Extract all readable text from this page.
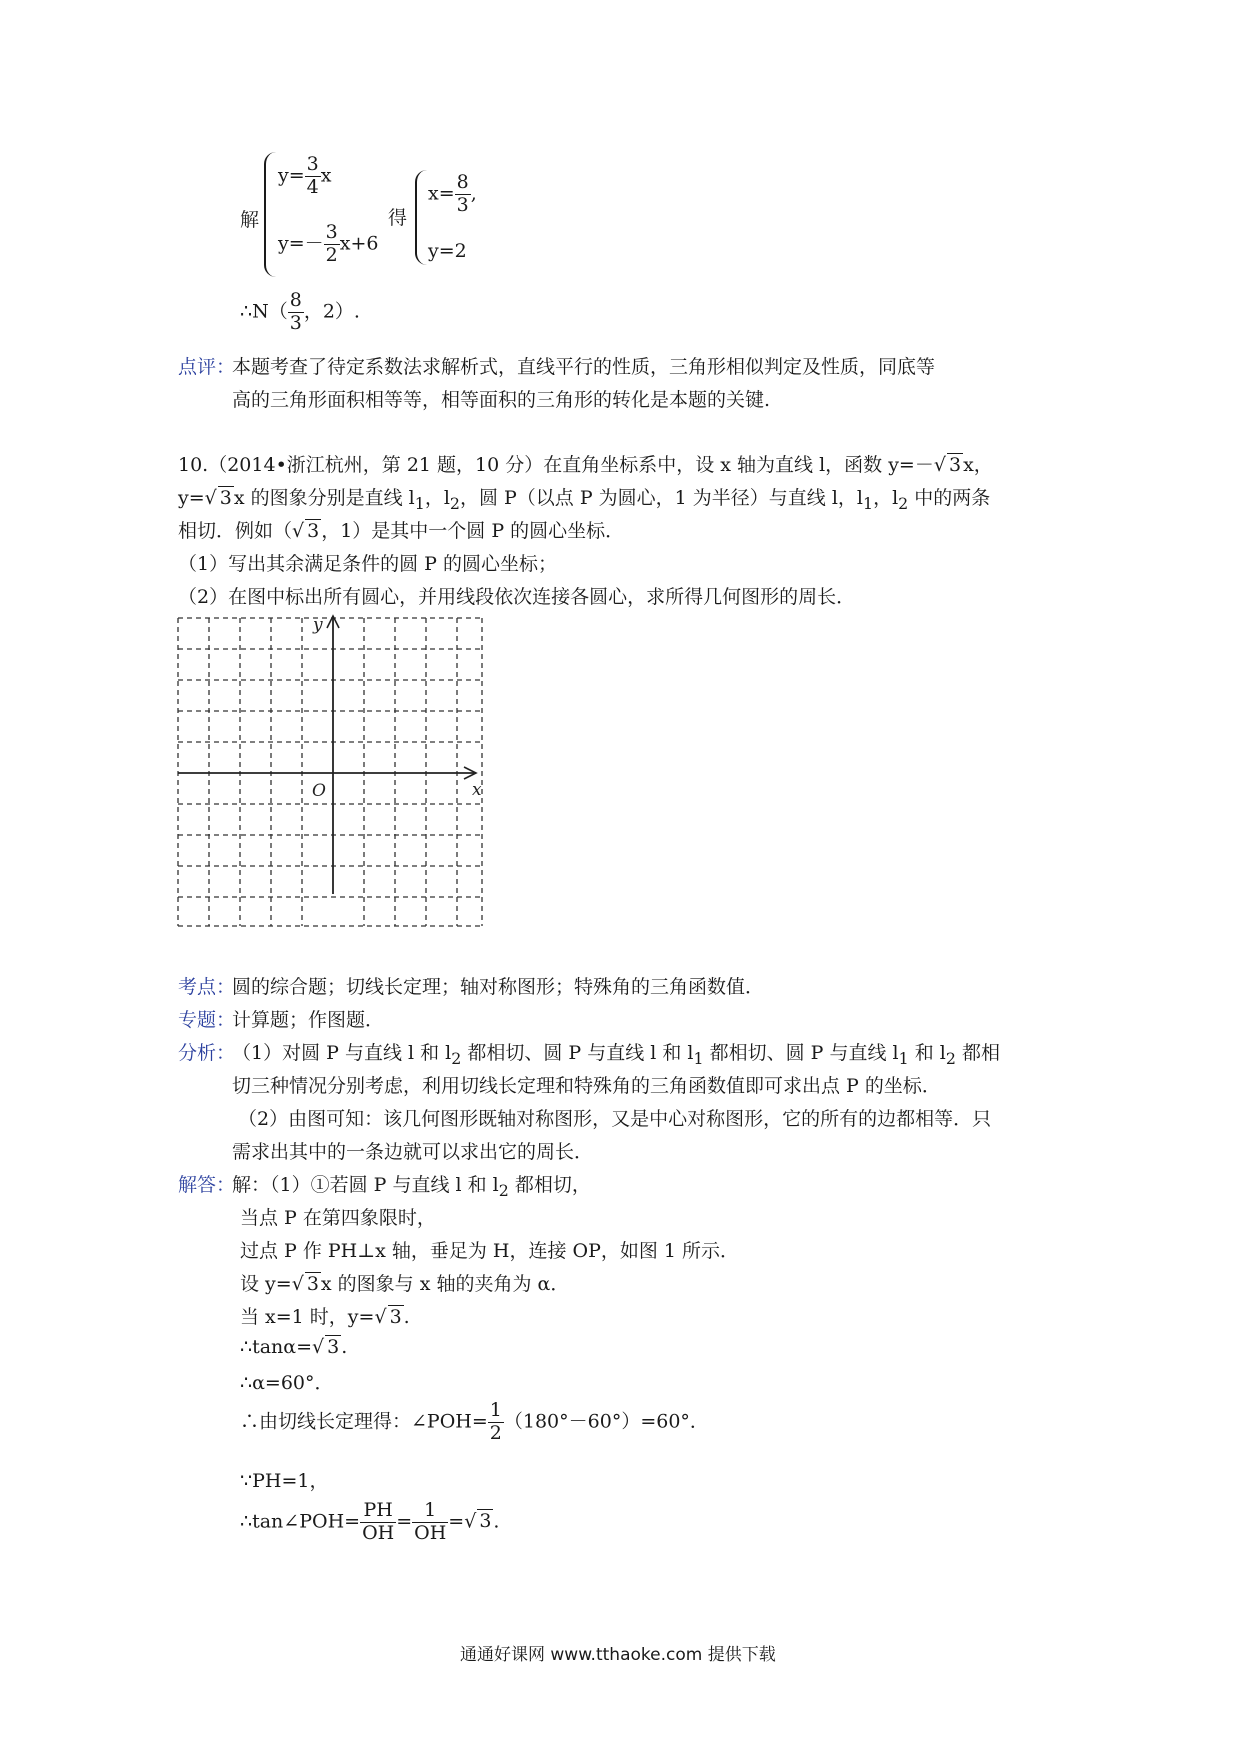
解
$y= \frac{3}{4}$ x
$y=- \frac{3}{2} x+6$
得
$x= \frac{8}{3}$ ,
y=2
∴N（ $\frac{8}{3}$ ，2）.
点评：
本题考查了待定系数法求解析式，直线平行的性质，三角形相似判定及性质，同底等
高的三角形面积相等等，相等面积的三角形的转化是本题的关键.
10.（2014•浙江杭州，第 21 题，10 分）在直角坐标系中，设 x 轴为直线 l，函数 y=－√ 3 x，
y=√ 3 x 的图象分别是直线 $l_1$，$l_2$，圆 P（以点 P 为圆心，1 为半径）与直线 l，$l_1$，$l_2$ 中的两条
相切．例如（√ 3 ，1）是其中一个圆 P 的圆心坐标．
（1）写出其余满足条件的圆 P 的圆心坐标；
（2）在图中标出所有圆心，并用线段依次连接各圆心，求所得几何图形的周长．
y
x
O
考点：
圆的综合题；切线长定理；轴对称图形；特殊角的三角函数值．
专题：
计算题；作图题．
分析：
（1）对圆 P 与直线 l 和 $l_2$ 都相切、圆 P 与直线 l 和 $l_1$ 都相切、圆 P 与直线 $l_1$ 和 $l_2$ 都相
切三种情况分别考虑，利用切线长定理和特殊角的三角函数值即可求出点 P 的坐标．
（2）由图可知：该几何图形既轴对称图形，又是中心对称图形，它的所有的边都相等．只
需求出其中的一条边就可以求出它的周长．
解答：
解：（1）①若圆 P 与直线 l 和 $l_2$ 都相切，
当点 P 在第四象限时，
过点 P 作 PH⊥x 轴，垂足为 H，连接 OP，如图 1 所示．
设 y=√ 3 x 的图象与 x 轴的夹角为 α．
当 x=1 时，y=√ 3 .
∴tanα=√ 3 .
∴α=60°．
∴由切线长定理得：∠POH= $\frac{1}{2} (180^\circ-60^\circ)=60^\circ$．
∵PH=1，
∴tan∠POH= $\frac{PH}{OH} = \frac{1}{OH}$ =√ 3 .
通通好课网 www.tthaoke.com 提供下载
